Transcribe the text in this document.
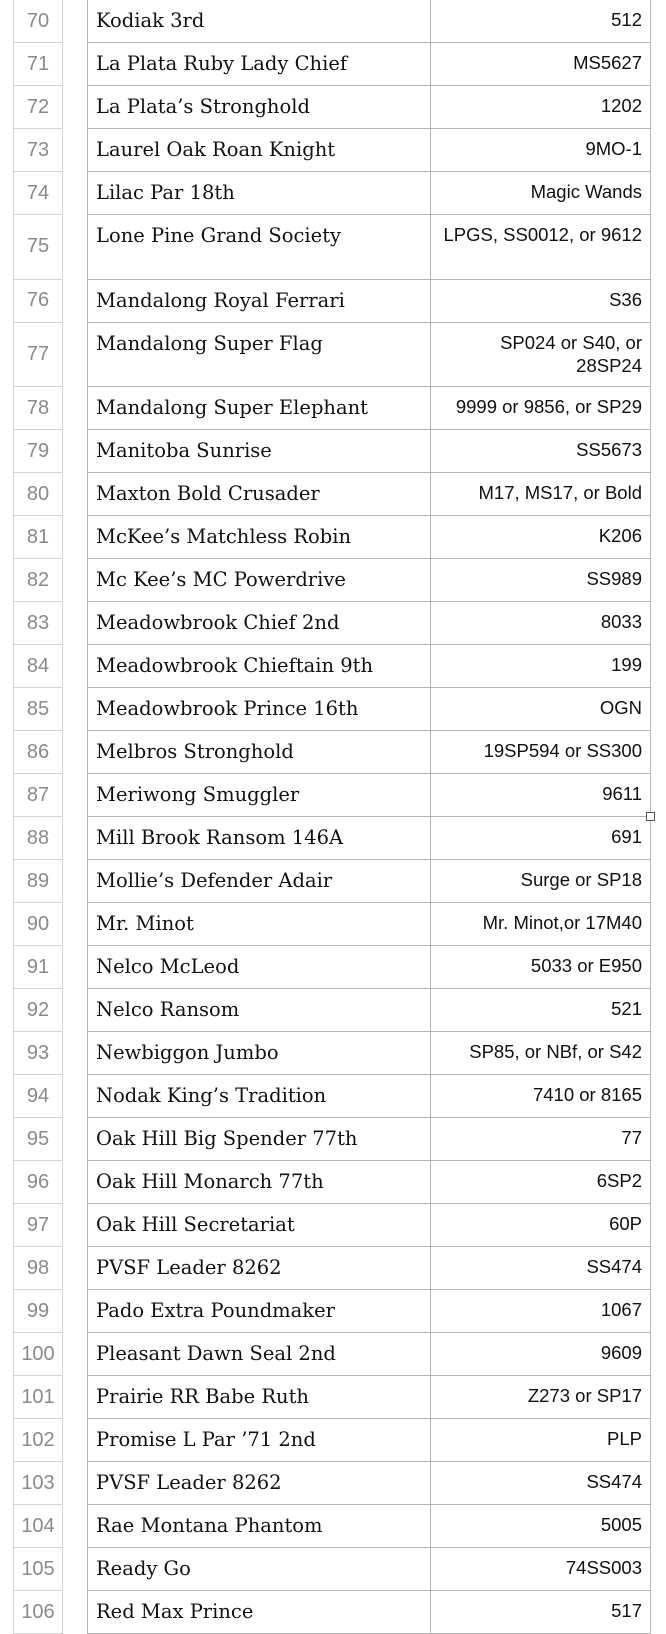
70	Kodiak 3rd	512
71	La Plata Ruby Lady Chief	MS5627
72	La Plata’s Stronghold	1202
73	Laurel Oak Roan Knight	9MO-1
74	Lilac Par 18th	Magic Wands
75	Lone Pine Grand Society	LPGS, SS0012, or 9612
76	Mandalong Royal Ferrari	S36
77	Mandalong Super Flag	SP024 or S40, or 28SP24
78	Mandalong Super Elephant	9999 or 9856, or SP29
79	Manitoba Sunrise	SS5673
80	Maxton Bold Crusader	M17, MS17, or Bold
81	McKee’s Matchless Robin	K206
82	Mc Kee’s MC Powerdrive	SS989
83	Meadowbrook Chief 2nd	8033
84	Meadowbrook Chieftain 9th	199
85	Meadowbrook Prince 16th	OGN
86	Melbros Stronghold	19SP594 or SS300
87	Meriwong Smuggler	9611
88	Mill Brook Ransom 146A	691
89	Mollie’s Defender Adair	Surge or SP18
90	Mr. Minot	Mr. Minot,or 17M40
91	Nelco McLeod	5033 or E950
92	Nelco Ransom	521
93	Newbiggon Jumbo	SP85, or NBf, or S42
94	Nodak King’s Tradition	7410 or 8165
95	Oak Hill Big Spender 77th	77
96	Oak Hill Monarch 77th	6SP2
97	Oak Hill Secretariat	60P
98	PVSF Leader 8262	SS474
99	Pado Extra Poundmaker	1067
100	Pleasant Dawn Seal 2nd	9609
101	Prairie RR Babe Ruth	Z273 or SP17
102	Promise L Par ’71 2nd	PLP
103	PVSF Leader 8262	SS474
104	Rae Montana Phantom	5005
105	Ready Go	74SS003
106	Red Max Prince	517
